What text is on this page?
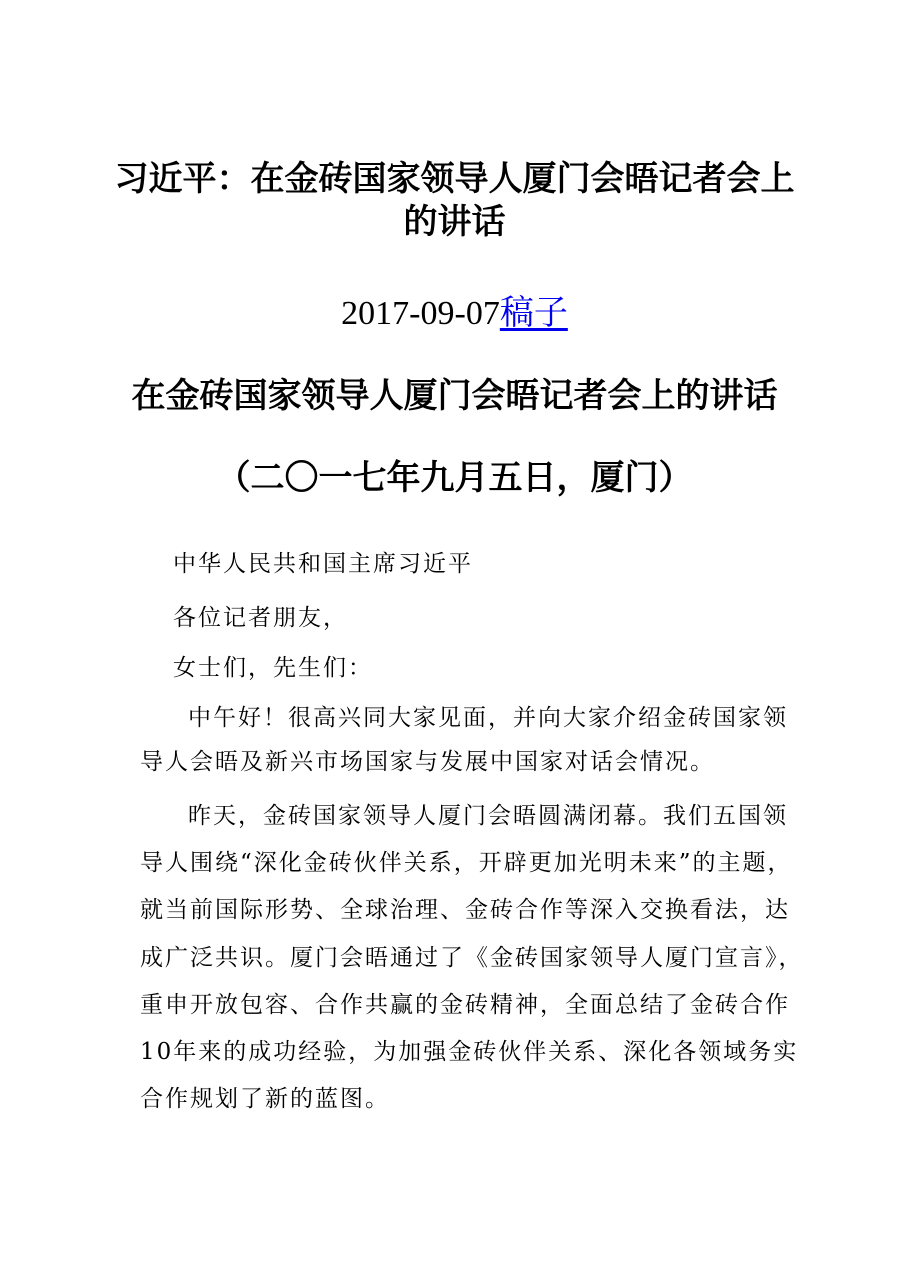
习近平：在金砖国家领导人厦门会晤记者会上的讲话
2017-09-07稿子
在金砖国家领导人厦门会晤记者会上的讲话
（二〇一七年九月五日，厦门）

中华人民共和国主席习近平

各位记者朋友，

女士们，先生们：

中午好！很高兴同大家见面，并向大家介绍金砖国家领导人会晤及新兴市场国家与发展中国家对话会情况。

昨天，金砖国家领导人厦门会晤圆满闭幕。我们五国领导人围绕“深化金砖伙伴关系，开辟更加光明未来”的主题，就当前国际形势、全球治理、金砖合作等深入交换看法，达成广泛共识。厦门会晤通过了《金砖国家领导人厦门宣言》，重申开放包容、合作共赢的金砖精神，全面总结了金砖合作10年来的成功经验，为加强金砖伙伴关系、深化各领域务实合作规划了新的蓝图。
